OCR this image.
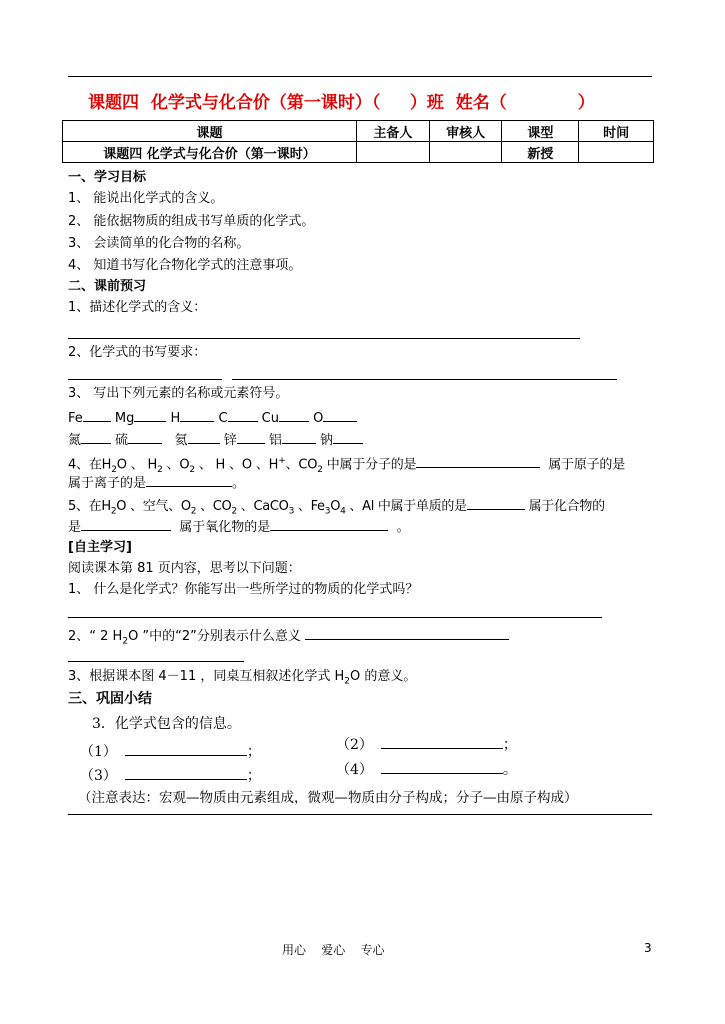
课题四  化学式与化合价（第一课时）（     ）班  姓名（            ）
课题	主备人	审核人	课型	时间
课题四 化学式与化合价（第一课时）			新授	
一、学习目标
1、 能说出化学式的含义。
2、 能依据物质的组成书写单质的化学式。
3、 会读简单的化合物的名称。
4、 知道书写化合物化学式的注意事项。
二、课前预习
1、描述化学式的含义：
2、化学式的书写要求：
3、 写出下列元素的名称或元素符号。
Fe Mg	H	C	Cu	O
氮	硫	氦	锌 铝	钠
4、在$H_2O$ 、 $H_2$ 、$O_2$ 、 H 、O 、H+、$CO_2$ 中属于分子的是	属于原子的是
属于离子的是	。
5、在$H_2O$ 、空气、$O_2$ 、$CO_2$ 、CaCO$_3$ 、$Fe_3O_4$ 、Al 中属于单质的是	属于化合物的
是	属于氧化物的是	。
[自主学习]
阅读课本第 81 页内容，思考以下问题：
1、 什么是化学式？你能写出一些所学过的物质的化学式吗？
2、“ 2 $H_2O$ ”中的“2”分别表示什么意义
3、根据课本图 4－11 ，同桌互相叙述化学式 $H_2O$ 的意义。
三、巩固小结
3．化学式包含的信息。
（1）	；	（2）	；
（3）	；	（4）	。
（注意表达：宏观—物质由元素组成，微观—物质由分子构成；分子—由原子构成）
用心    爱心    专心	3
